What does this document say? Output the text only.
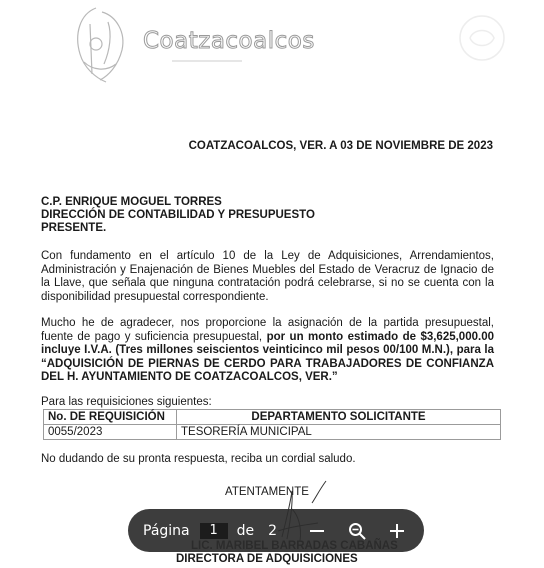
Coatzacoalcos

COATZACOALCOS, VER. A 03 DE NOVIEMBRE DE 2023

C.P. ENRIQUE MOGUEL TORRES
DIRECCIÓN DE CONTABILIDAD Y PRESUPUESTO
PRESENTE.

Con fundamento en el artículo 10 de la Ley de Adquisiciones, Arrendamientos, Administración y Enajenación de Bienes Muebles del Estado de Veracruz de Ignacio de la Llave, que señala que ninguna contratación podrá celebrarse, si no se cuenta con la disponibilidad presupuestal correspondiente.

Mucho he de agradecer, nos proporcione la asignación de la partida presupuestal, fuente de pago y suficiencia presupuestal, por un monto estimado de $3,625,000.00 incluye I.V.A. (Tres millones seiscientos veinticinco mil pesos 00/100 M.N.), para la “ADQUISICIÓN DE PIERNAS DE CERDO PARA TRABAJADORES DE CONFIANZA DEL H. AYUNTAMIENTO DE COATZACOALCOS, VER.”

Para las requisiciones siguientes:

No. DE REQUISICIÓN	DEPARTAMENTO SOLICITANTE
0055/2023	TESORERÍA MUNICIPAL

No dudando de su pronta respuesta, reciba un cordial saludo.

ATENTAMENTE

DIRECTORA DE ADQUISICIONES

Página	1	de 2
